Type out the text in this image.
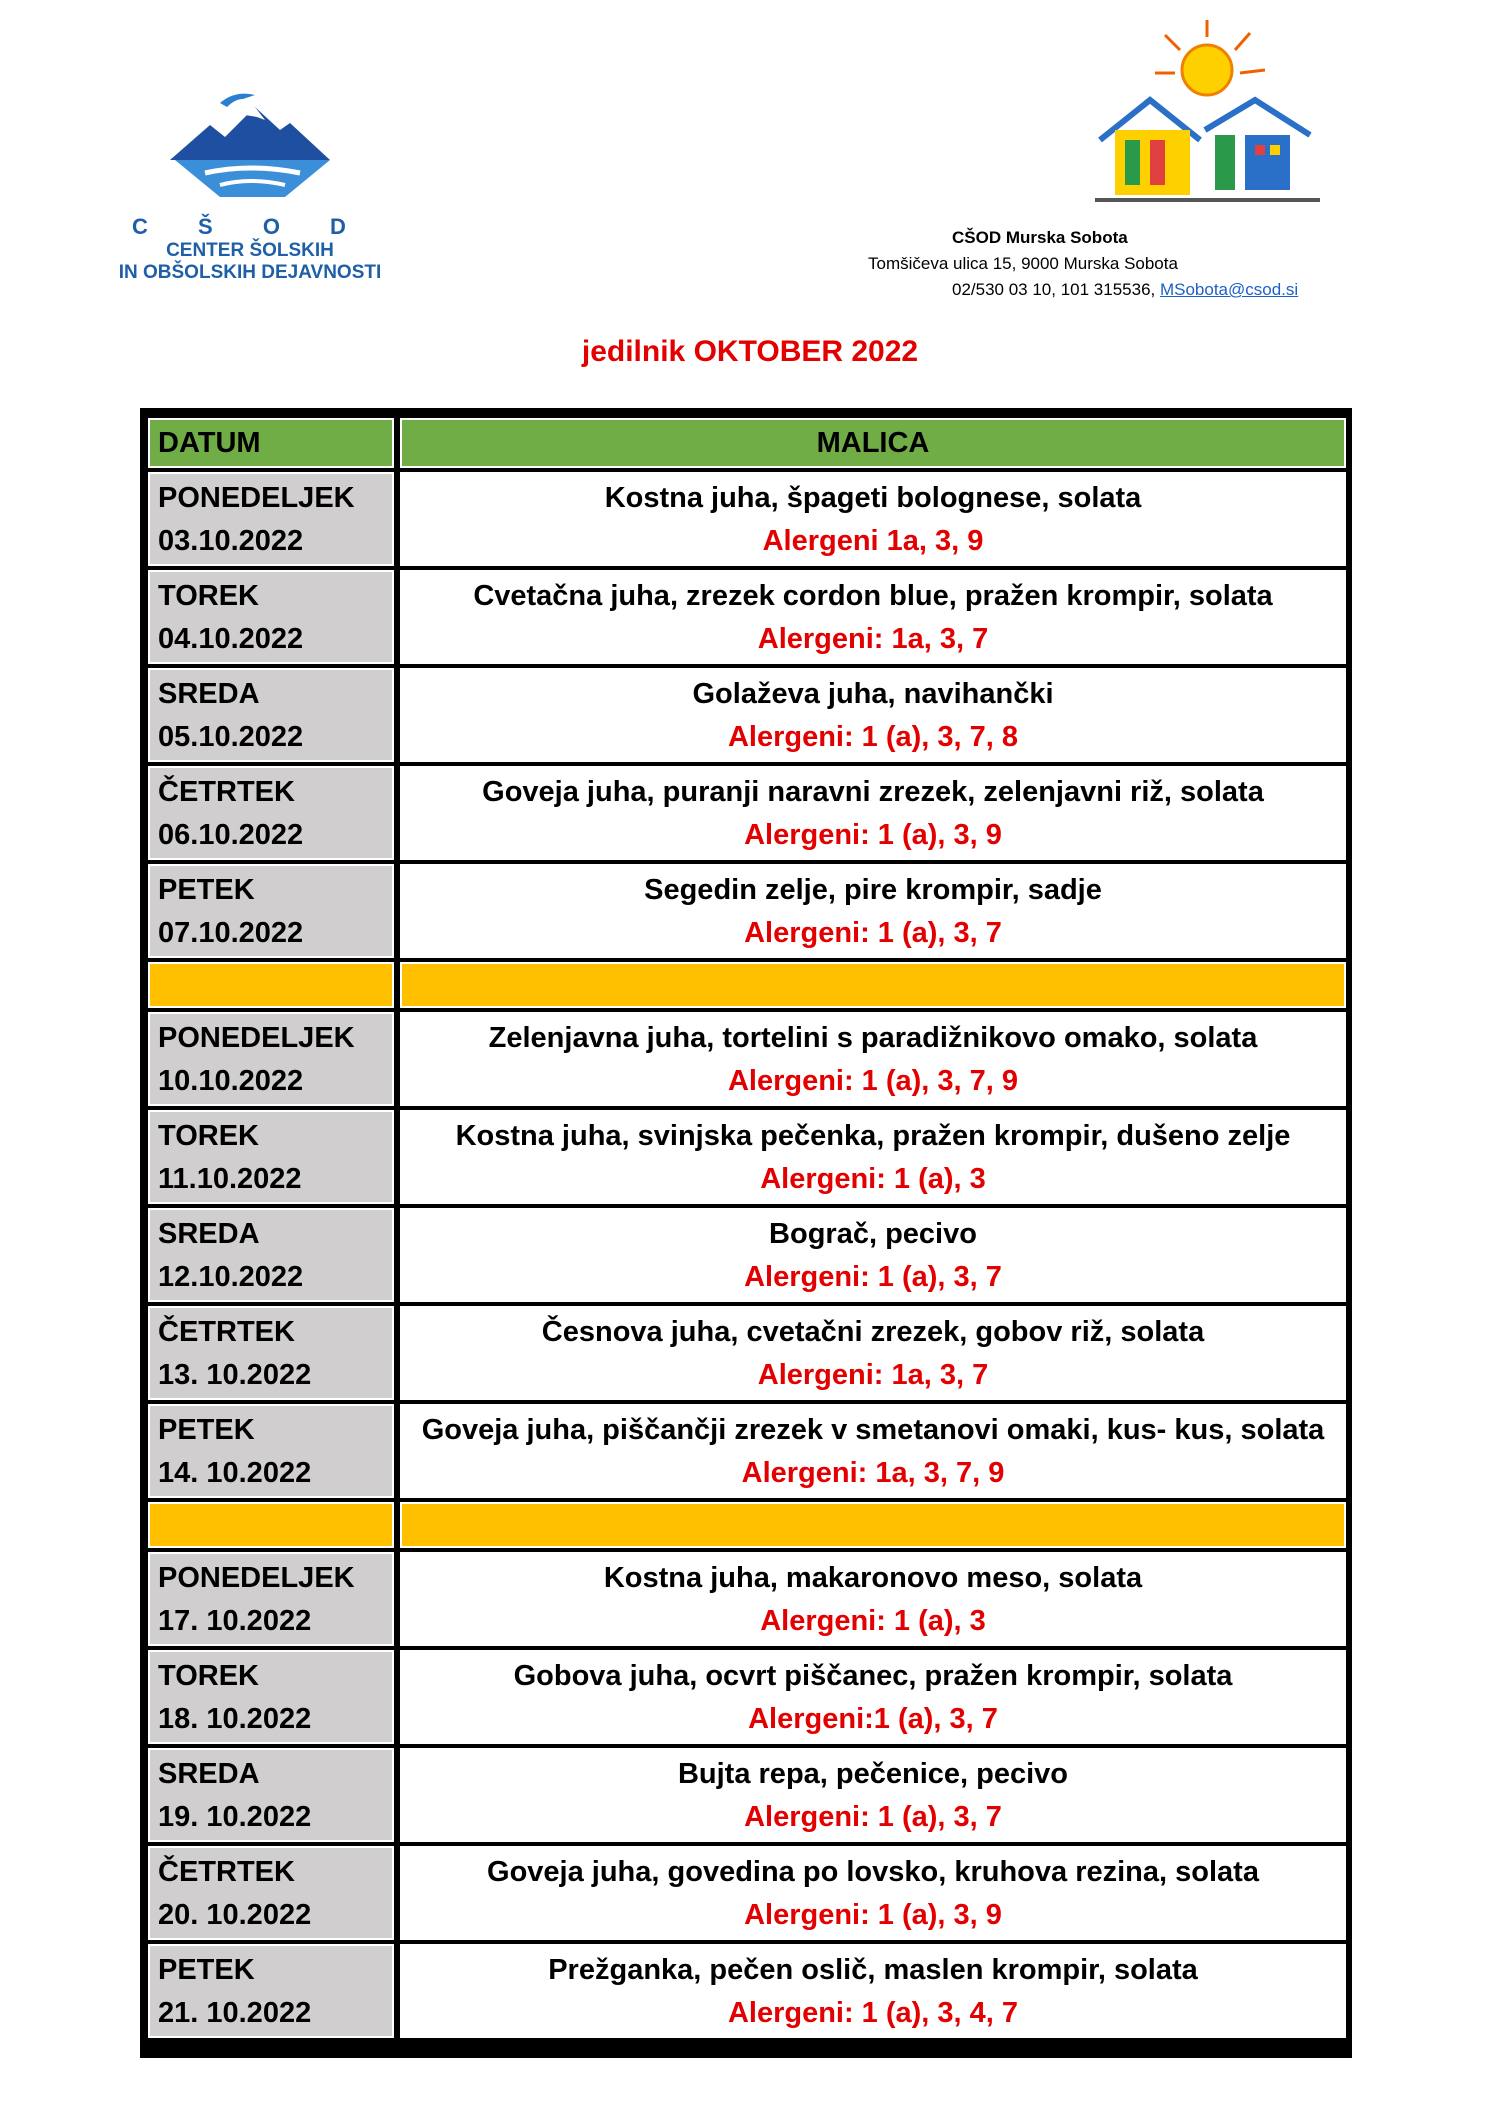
C Š O D
CENTER ŠOLSKIH
IN OBŠOLSKIH DEJAVNOSTI
CŠOD Murska Sobota
Tomšičeva ulica 15, 9000 Murska Sobota
02/530 03 10, 101 315536, MSobota@csod.si
jedilnik OKTOBER 2022
DATUM	MALICA
PONEDELJEK
03.10.2022
Kostna juha, špageti bolognese, solata
Alergeni 1a, 3, 9
TOREK
04.10.2022
Cvetačna juha, zrezek cordon blue, pražen krompir, solata
Alergeni: 1a, 3, 7
SREDA
05.10.2022
Golaževa juha, navihančki
Alergeni: 1 (a), 3, 7, 8
ČETRTEK
06.10.2022
Goveja juha, puranji naravni zrezek, zelenjavni riž, solata
Alergeni: 1 (a), 3, 9
PETEK
07.10.2022
Segedin zelje, pire krompir, sadje
Alergeni: 1 (a), 3, 7
PONEDELJEK
10.10.2022
Zelenjavna juha, tortelini s paradižnikovo omako, solata
Alergeni: 1 (a), 3, 7, 9
TOREK
11.10.2022
Kostna juha, svinjska pečenka, pražen krompir, dušeno zelje
Alergeni: 1 (a), 3
SREDA
12.10.2022
Bograč, pecivo
Alergeni: 1 (a), 3, 7
ČETRTEK
13. 10.2022
Česnova juha, cvetačni zrezek, gobov riž, solata
Alergeni: 1a, 3, 7
PETEK
14. 10.2022
Goveja juha, piščančji zrezek v smetanovi omaki, kus- kus, solata
Alergeni: 1a, 3, 7, 9
PONEDELJEK
17. 10.2022
Kostna juha, makaronovo meso, solata
Alergeni: 1 (a), 3
TOREK
18. 10.2022
Gobova juha, ocvrt piščanec, pražen krompir, solata
Alergeni:1 (a), 3, 7
SREDA
19. 10.2022
Bujta repa, pečenice, pecivo
Alergeni: 1 (a), 3, 7
ČETRTEK
20. 10.2022
Goveja juha, govedina po lovsko, kruhova rezina, solata
Alergeni: 1 (a), 3, 9
PETEK
21. 10.2022
Prežganka, pečen oslič, maslen krompir, solata
Alergeni: 1 (a), 3, 4, 7
